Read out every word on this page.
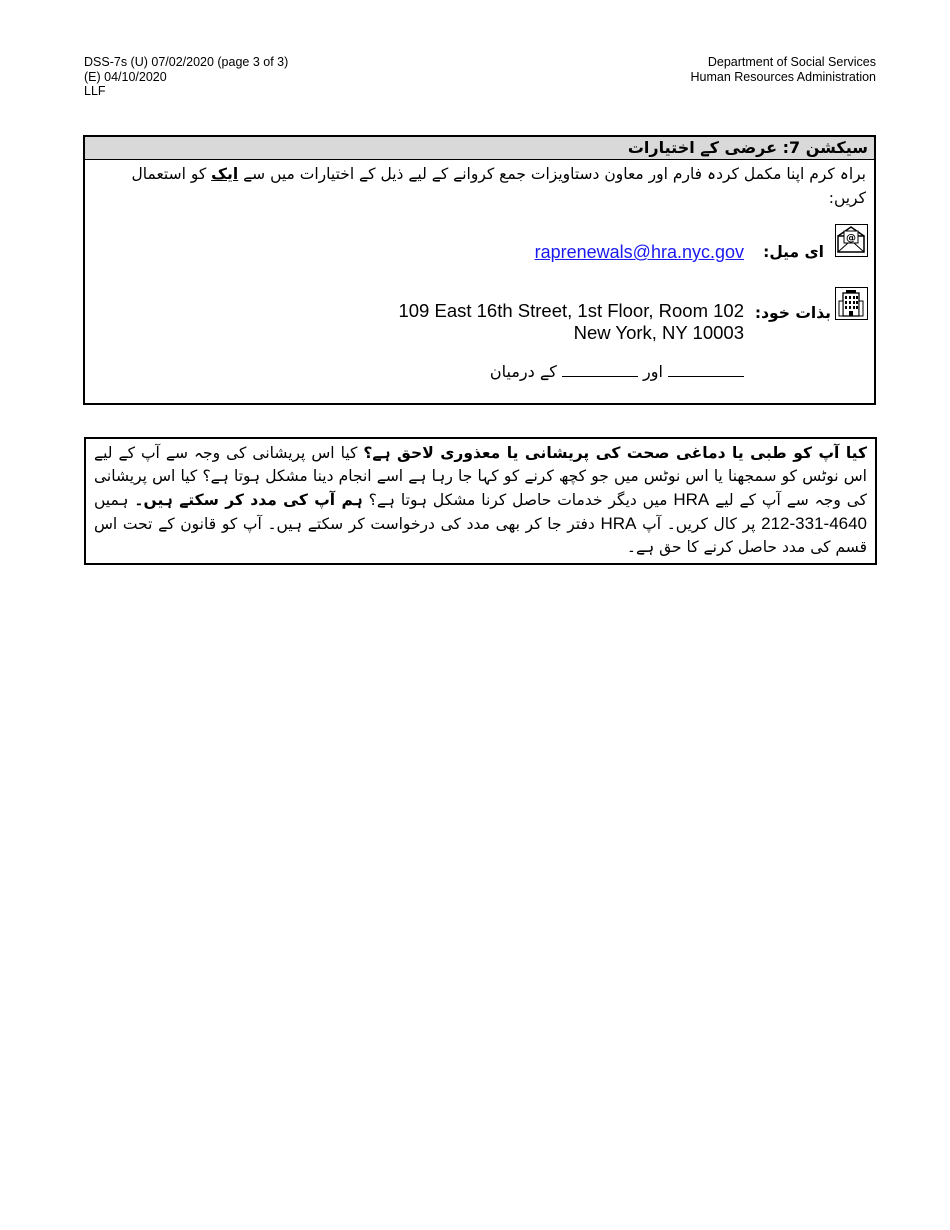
DSS-7s (U) 07/02/2020 (page 3 of 3)
(E) 04/10/2020
LLF
Department of Social Services
Human Resources Administration
سیکشن 7: عرضی کے اختیارات
براہ کرم اپنا مکمل کردہ فارم اور معاون دستاویزات جمع کروانے کے لیے ذیل کے اختیارات میں سے ایک کو استعمال کریں:
@
ای میل:
raprenewals@hra.nyc.gov
بذات خود:
109 East 16th Street, 1st Floor, Room 102
New York, NY 10003
اور  کے درمیان
کیا آپ کو طبی یا دماغی صحت کی پریشانی یا معذوری لاحق ہے؟ کیا اس پریشانی کی وجہ سے آپ کے لیے اس نوٹس کو سمجھنا یا اس نوٹس میں جو کچھ کرنے کو کہا جا رہا ہے اسے انجام دینا مشکل ہوتا ہے؟ کیا اس پریشانی کی وجہ سے آپ کے لیے HRA میں دیگر خدمات حاصل کرنا مشکل ہوتا ہے؟ ہم آپ کی مدد کر سکتے ہیں۔ ہمیں 212-331-4640 پر کال کریں۔ آپ HRA دفتر جا کر بھی مدد کی درخواست کر سکتے ہیں۔ آپ کو قانون کے تحت اس قسم کی مدد حاصل کرنے کا حق ہے۔
